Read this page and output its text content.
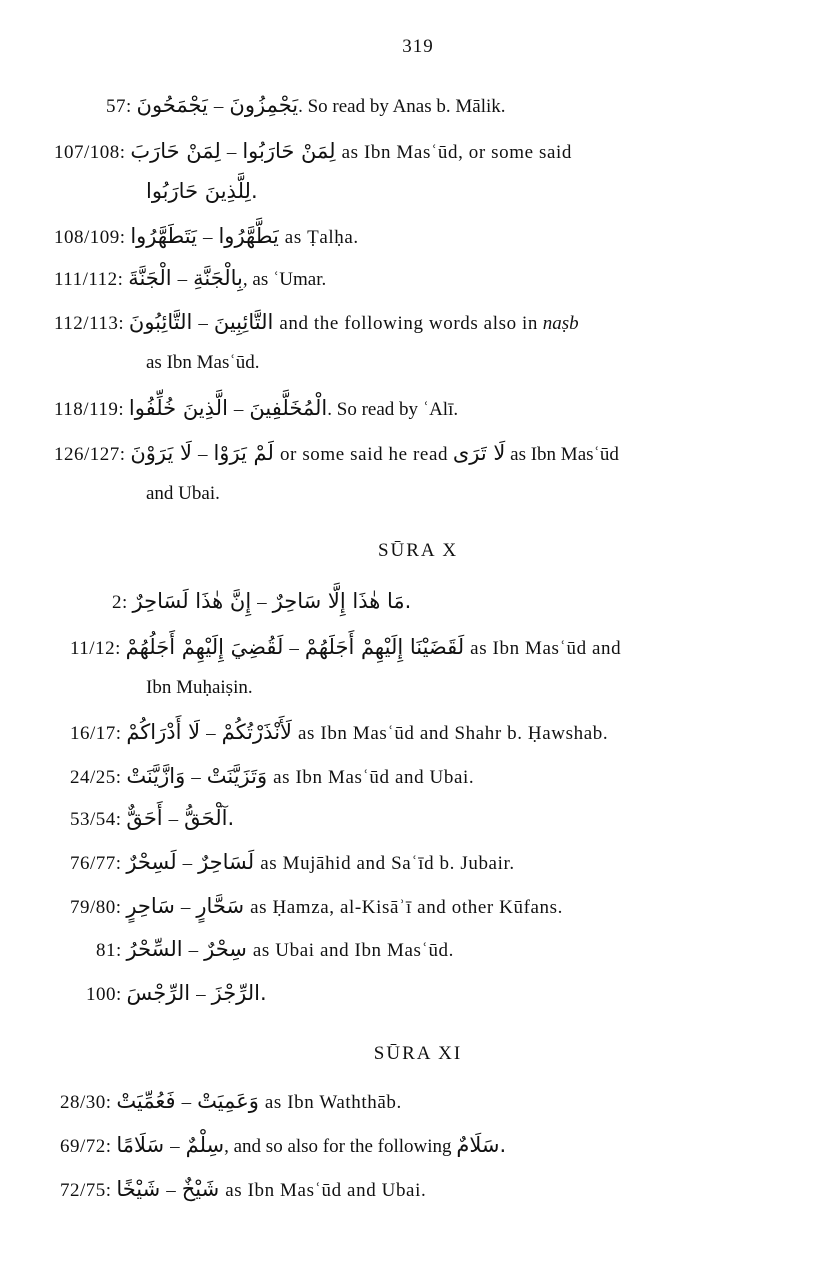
319
57: يَجْمَحُونَ – يَجْمِزُونَ. So read by Anas b. Mālik.
107/108: لِمَنْ حَارَبَ – لِمَنْ حَارَبُوا as Ibn Masʿūd, or some said
لِلَّذِينَ حَارَبُوا.
108/109: يَتَطَهَّرُوا – يَطَّهَّرُوا as Ṭalḥa.
111/112: الْجَنَّةَ – بِالْجَنَّةِ, as ʿUmar.
112/113: التَّائِبُونَ – التَّائِبِينَ and the following words also in naṣb
as Ibn Masʿūd.
118/119: الَّذِينَ خُلِّفُوا – الْمُخَلَّفِينَ. So read by ʿAlī.
126/127: لَا يَرَوْنَ – لَمْ يَرَوْا or some said he read لَا تَرَى as Ibn Masʿūd
and Ubai.
SŪRA X
2: إِنَّ هٰذَا لَسَاحِرٌ – مَا هٰذَا إِلَّا سَاحِرٌ.
11/12: لَقُضِيَ إِلَيْهِمْ أَجَلُهُمْ – لَقَضَيْنَا إِلَيْهِمْ أَجَلَهُمْ as Ibn Masʿūd and
Ibn Muḥaiṣin.
16/17: لَا أَدْرَاكُمْ – لَأَنْذَرْتُكُمْ as Ibn Masʿūd and Shahr b. Ḥawshab.
24/25: وَازَّيَّنَتْ – وَتَزَيَّنَتْ as Ibn Masʿūd and Ubai.
53/54: أَحَقٌّ – آلْحَقُّ.
76/77: لَسِحْرٌ – لَسَاحِرٌ as Mujāhid and Saʿīd b. Jubair.
79/80: سَاحِرٍ – سَحَّارٍ as Ḥamza, al-Kisāʾī and other Kūfans.
81: السِّحْرُ – سِحْرٌ as Ubai and Ibn Masʿūd.
100: الرِّجْسَ – الرِّجْزَ.
SŪRA XI
28/30: فَعُمِّيَتْ – وَعَمِيَتْ as Ibn Waththāb.
69/72: سَلَامًا – سِلْمٌ, and so also for the following سَلَامٌ.
72/75: شَيْخًا – شَيْخٌ as Ibn Masʿūd and Ubai.
